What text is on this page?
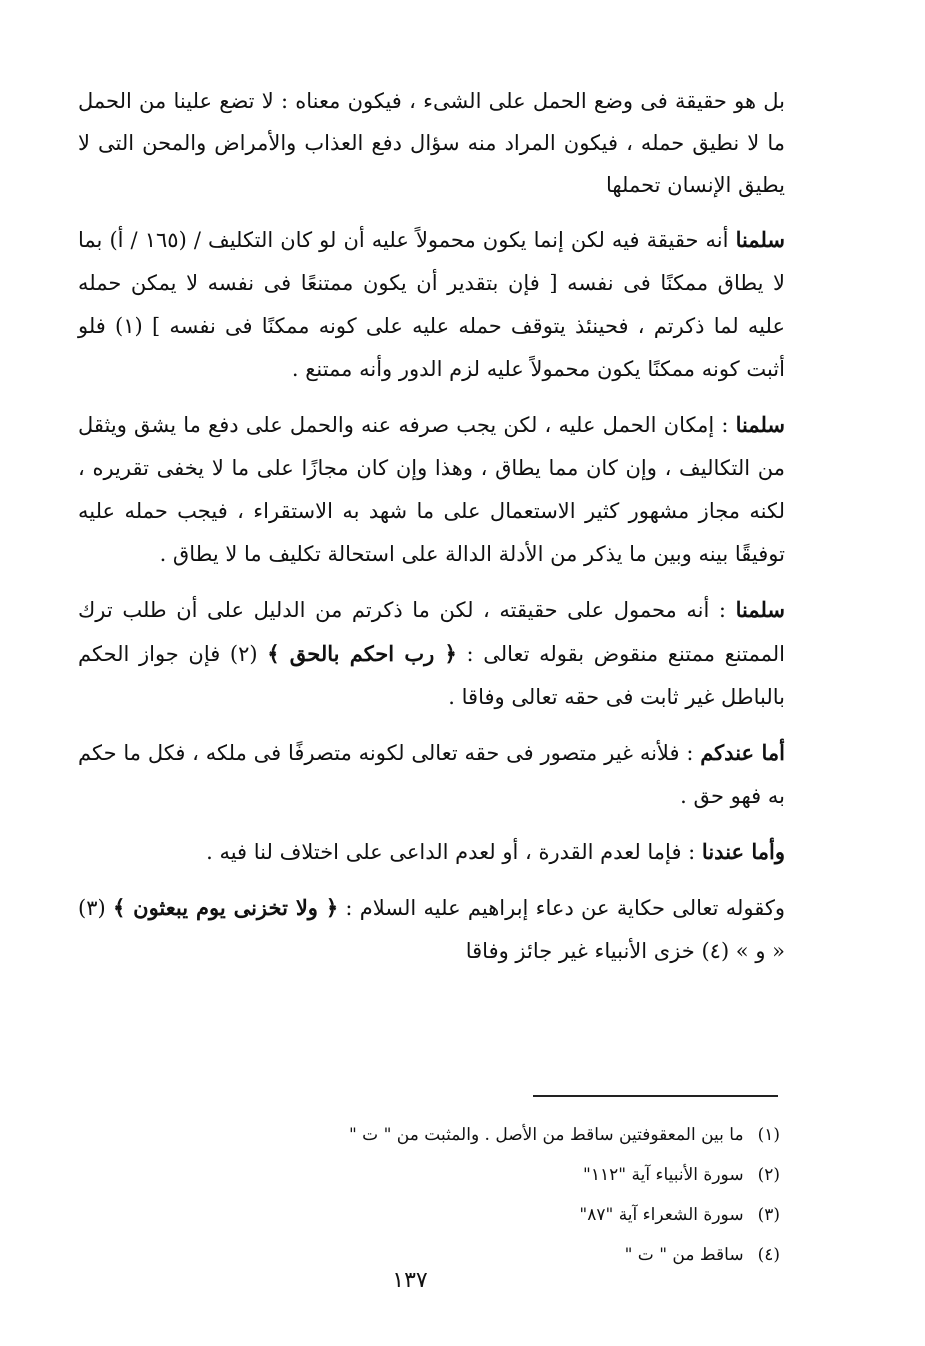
بل هو حقيقة فى وضع الحمل على الشىء ، فيكون معناه : لا تضع علينا من الحمل ما لا نطيق حمله ، فيكون المراد منه سؤال دفع العذاب والأمراض والمحن التى لا يطيق الإنسان تحملها

سلمنا أنه حقيقة فيه لكن إنما يكون محمولاً عليه أن لو كان التكليف / (١٦٥ / أ) بما لا يطاق ممكنًا فى نفسه [ فإن بتقدير أن يكون ممتنعًا فى نفسه لا يمكن حمله عليه لما ذكرتم ، فحينئذ يتوقف حمله عليه على كونه ممكنًا فى نفسه ] (١) فلو أثبت كونه ممكنًا يكون محمولاً عليه لزم الدور وأنه ممتنع .

سلمنا : إمكان الحمل عليه ، لكن يجب صرفه عنه والحمل على دفع ما يشق ويثقل من التكاليف ، وإن كان مما يطاق ، وهذا وإن كان مجازًا على ما لا يخفى تقريره ، لكنه مجاز مشهور كثير الاستعمال على ما شهد به الاستقراء ، فيجب حمله عليه توفيقًا بينه وبين ما يذكر من الأدلة الدالة على استحالة تكليف ما لا يطاق .

سلمنا : أنه محمول على حقيقته ، لكن ما ذكرتم من الدليل على أن طلب ترك الممتنع ممتنع منقوض بقوله تعالى : ﴿ رب احكم بالحق ﴾ (٢) فإن جواز الحكم بالباطل غير ثابت فى حقه تعالى وفاقا .

أما عندكم : فلأنه غير متصور فى حقه تعالى لكونه متصرفًا فى ملكه ، فكل ما حكم به فهو حق .

وأما عندنا : فإما لعدم القدرة ، أو لعدم الداعى على اختلاف لنا فيه .

وكقوله تعالى حكاية عن دعاء إبراهيم عليه السلام : ﴿ ولا تخزنى يوم يبعثون ﴾ (٣) « و » (٤) خزى الأنبياء غير جائز وفاقا

(١)ما بين المعقوفتين ساقط من الأصل . والمثبت من " ت "
(٢)سورة الأنبياء آية "١١٢"
(٣)سورة الشعراء آية "٨٧"
(٤)ساقط من " ت "
١٣٧
